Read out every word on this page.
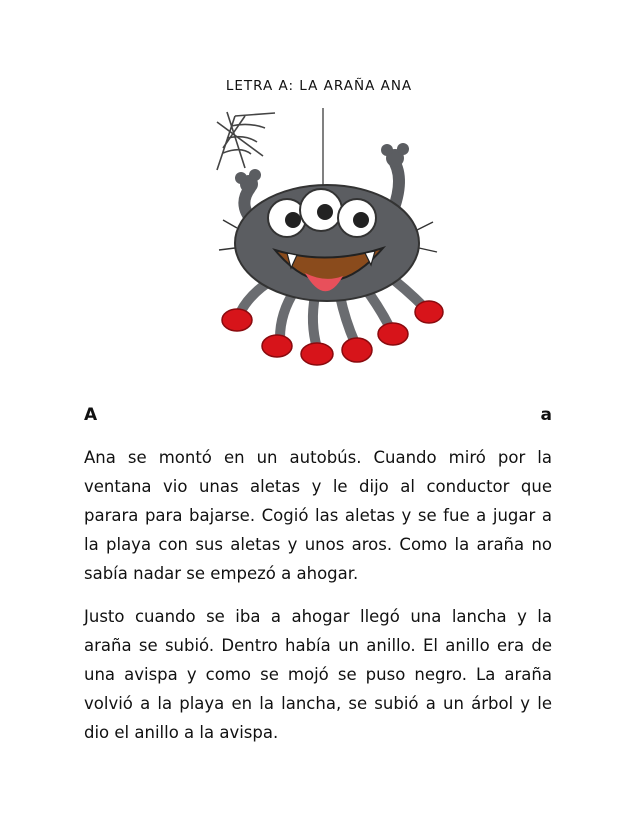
LETRA A: LA ARAÑA ANA
A	a

Ana se montó en un autobús. Cuando miró por la ventana vio unas aletas y le dijo al conductor que parara para bajarse. Cogió las aletas y se fue a jugar a la playa con sus aletas y unos aros. Como la araña no sabía nadar se empezó a ahogar.

Justo cuando se iba a ahogar llegó una lancha y la araña se subió. Dentro había un anillo. El anillo era de una avispa y como se mojó se puso negro. La araña volvió a la playa en la lancha, se subió a un árbol y le dio el anillo a la avispa.
